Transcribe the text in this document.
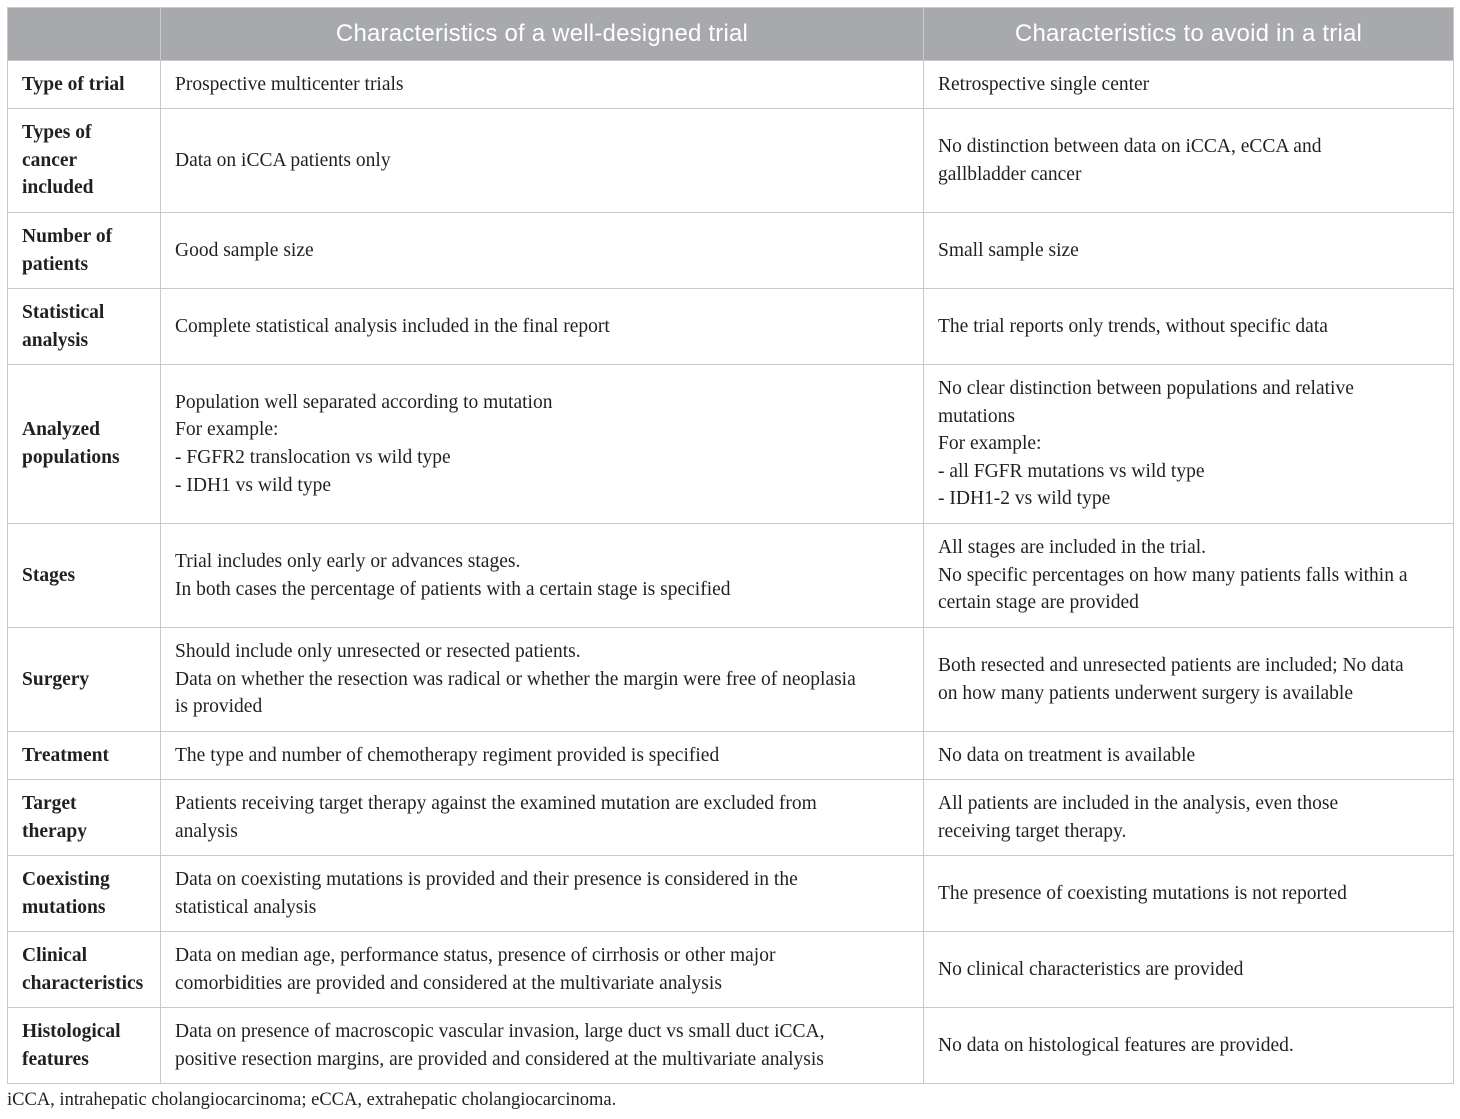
	Characteristics of a well-designed trial	Characteristics to avoid in a trial

Type of trial	Prospective multicenter trials	Retrospective single center

Types of
cancer
included	Data on iCCA patients only	No distinction between data on iCCA, eCCA and
gallbladder cancer

Number of
patients	Good sample size	Small sample size

Statistical
analysis	Complete statistical analysis included in the final report	The trial reports only trends, without specific data

Analyzed
populations	Population well separated according to mutation
For example:
- FGFR2 translocation vs wild type
- IDH1 vs wild type	No clear distinction between populations and relative
mutations
For example:
- all FGFR mutations vs wild type
- IDH1-2 vs wild type

Stages	Trial includes only early or advances stages.
In both cases the percentage of patients with a certain stage is specified	All stages are included in the trial.
No specific percentages on how many patients falls within a
certain stage are provided

Surgery	Should include only unresected or resected patients.
Data on whether the resection was radical or whether the margin were free of neoplasia
is provided	Both resected and unresected patients are included; No data
on how many patients underwent surgery is available

Treatment	The type and number of chemotherapy regiment provided is specified	No data on treatment is available

Target
therapy	Patients receiving target therapy against the examined mutation are excluded from
analysis	All patients are included in the analysis, even those
receiving target therapy.

Coexisting
mutations	Data on coexisting mutations is provided and their presence is considered in the
statistical analysis	The presence of coexisting mutations is not reported

Clinical
characteristics	Data on median age, performance status, presence of cirrhosis or other major
comorbidities are provided and considered at the multivariate analysis	No clinical characteristics are provided

Histological
features	Data on presence of macroscopic vascular invasion, large duct vs small duct iCCA,
positive resection margins, are provided and considered at the multivariate analysis	No data on histological features are provided.
iCCA, intrahepatic cholangiocarcinoma; eCCA, extrahepatic cholangiocarcinoma.
